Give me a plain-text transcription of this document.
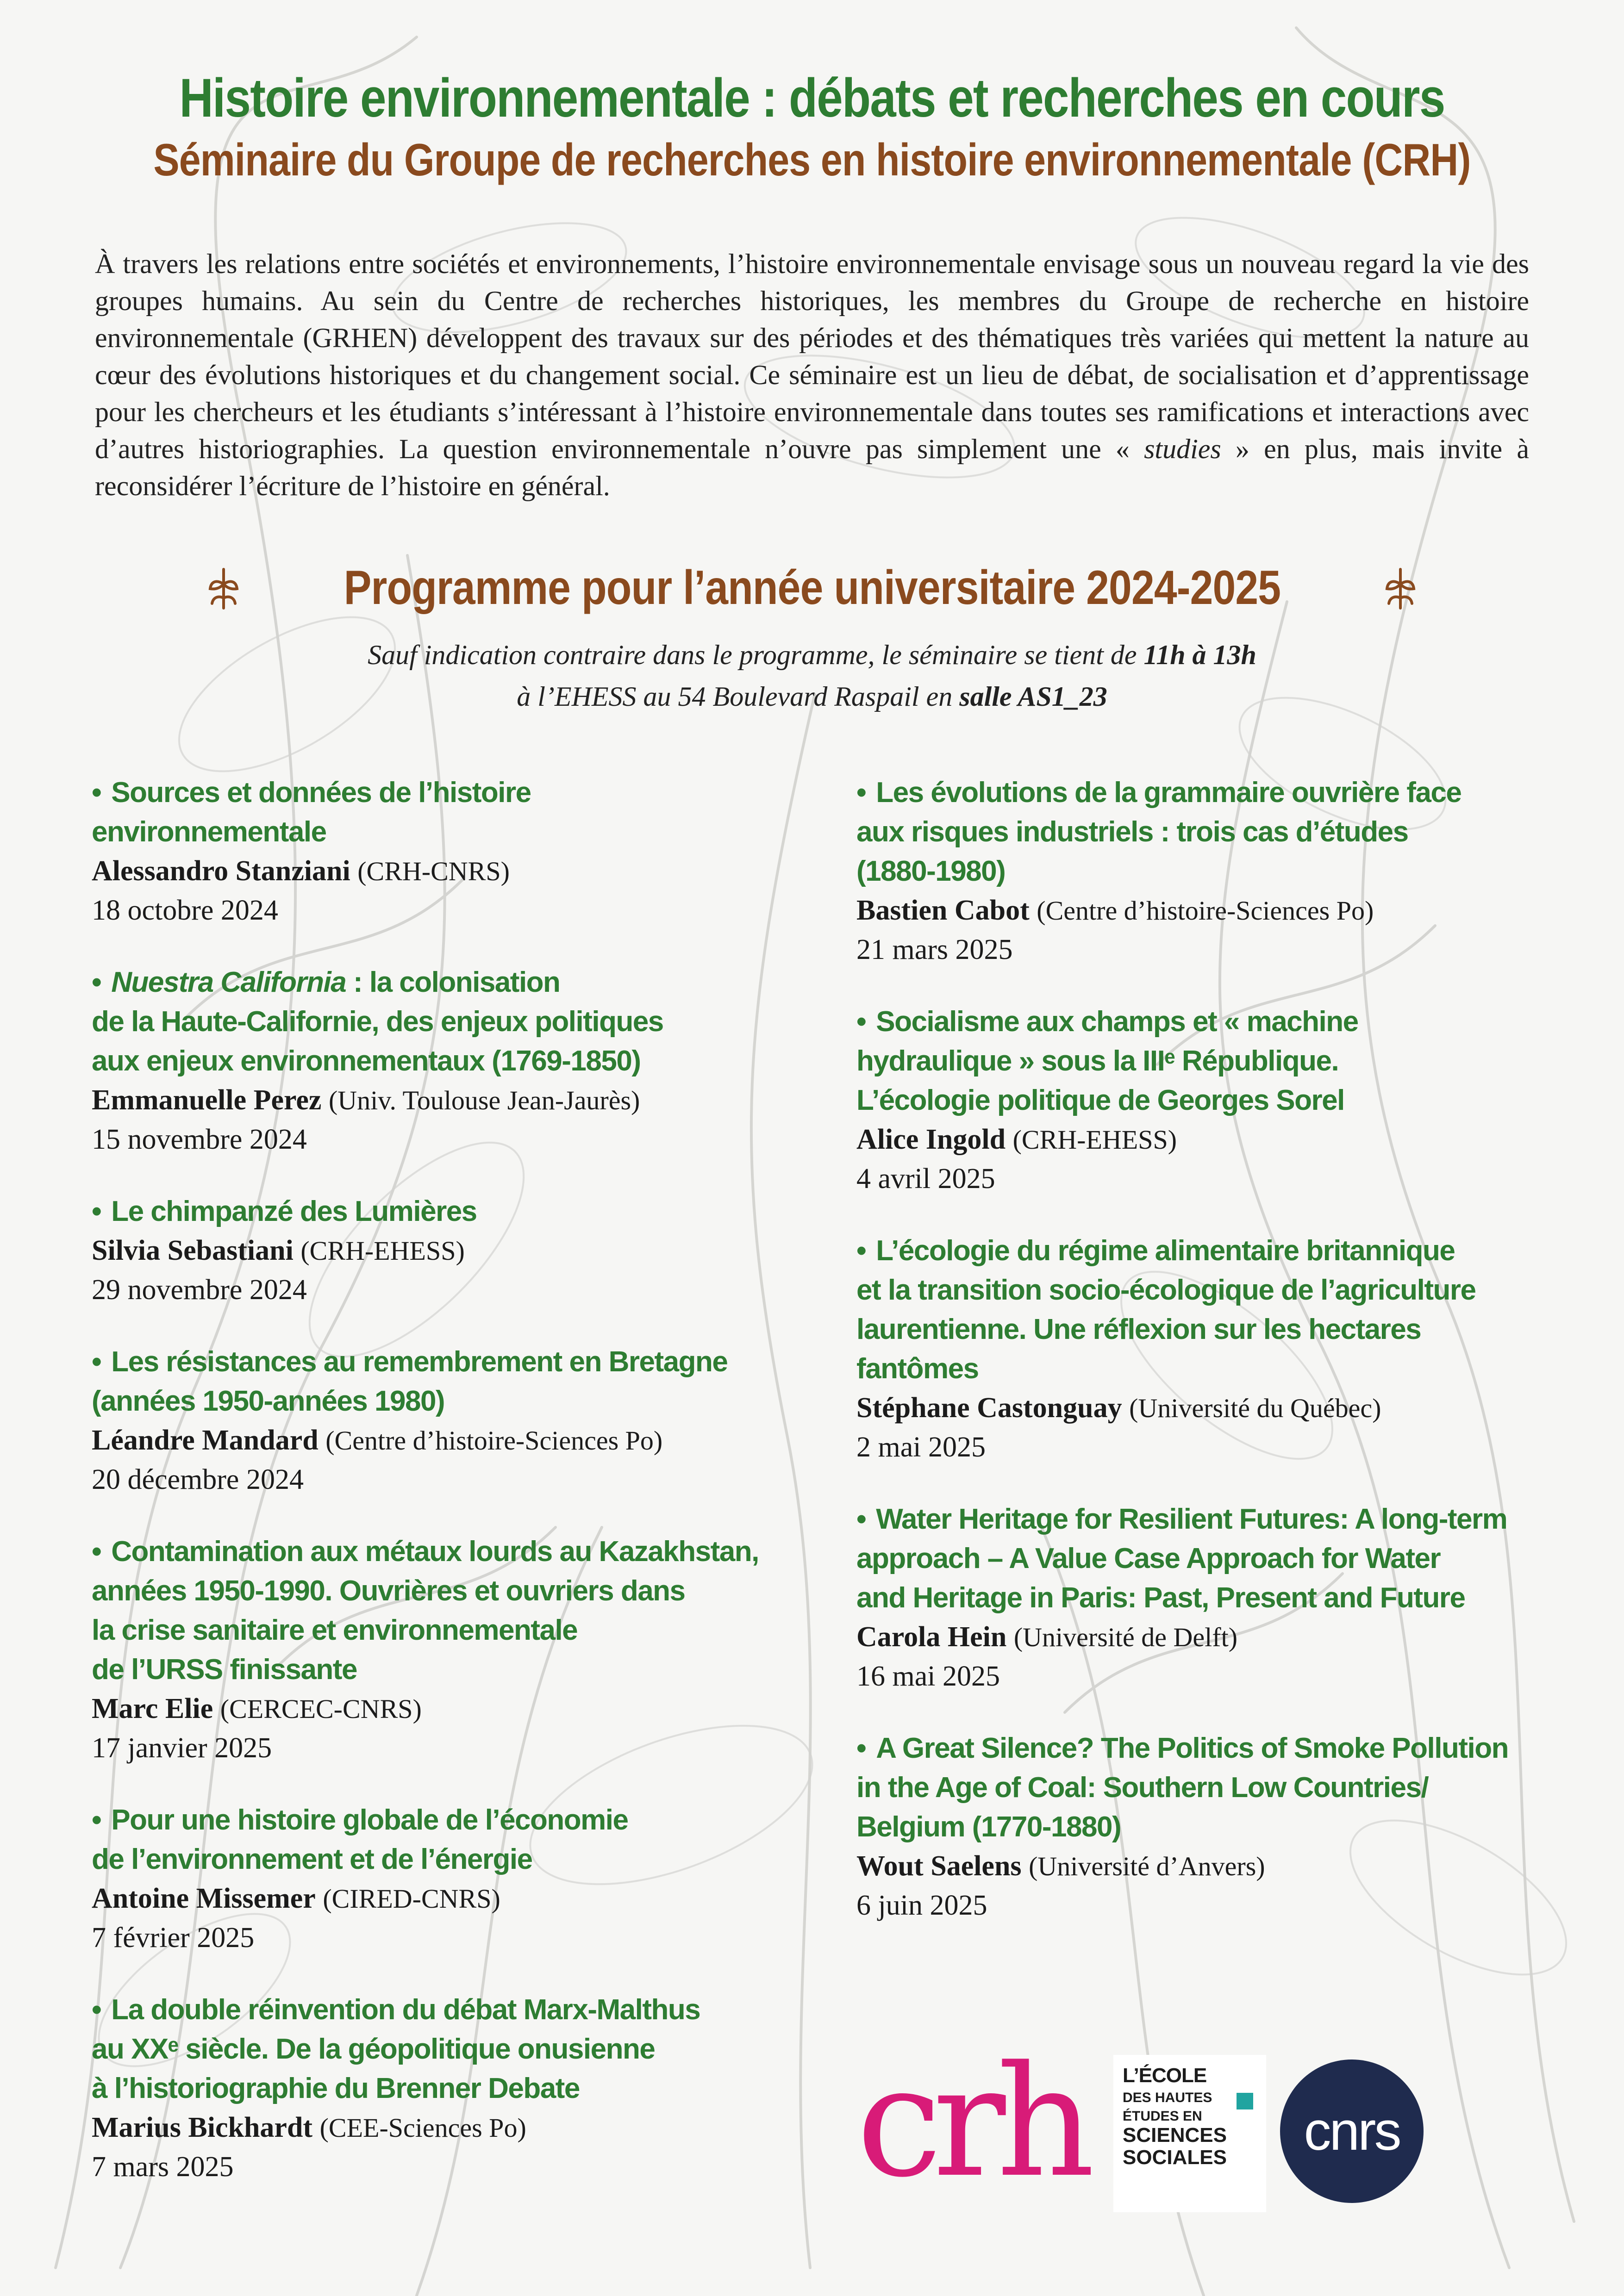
Histoire environnementale : débats et recherches en cours
Séminaire du Groupe de recherches en histoire environnementale (CRH)

À travers les relations entre sociétés et environnements, l’histoire environnementale envisage sous un nouveau regard la vie des groupes humains. Au sein du Centre de recherches historiques, les membres du Groupe de recherche en histoire environnementale (GRHEN) développent des travaux sur des périodes et des thématiques très variées qui mettent la nature au cœur des évolutions historiques et du changement social. Ce séminaire est un lieu de débat, de socialisation et d’apprentissage pour les chercheurs et les étudiants s’intéressant à l’histoire environnementale dans toutes ses ramifications et interactions avec d’autres historiographies. La question environnementale n’ouvre pas simplement une « studies » en plus, mais invite à reconsidérer l’écriture de l’histoire en général.

Programme pour l’année universitaire 2024-2025
Sauf indication contraire dans le programme, le séminaire se tient de 11h à 13h
à l’EHESS au 54 Boulevard Raspail en salle AS1_23
• Sources et données de l’histoire
environnementale
Alessandro Stanziani (CRH-CNRS)
18 octobre 2024
• Nuestra California : la colonisation
de la Haute-Californie, des enjeux politiques
aux enjeux environnementaux (1769-1850)
Emmanuelle Perez (Univ. Toulouse Jean-Jaurès)
15 novembre 2024
• Le chimpanzé des Lumières
Silvia Sebastiani (CRH-EHESS)
29 novembre 2024
• Les résistances au remembrement en Bretagne
(années 1950-années 1980)
Léandre Mandard (Centre d’histoire-Sciences Po)
20 décembre 2024
• Contamination aux métaux lourds au Kazakhstan,
années 1950-1990. Ouvrières et ouvriers dans
la crise sanitaire et environnementale
de l’URSS finissante
Marc Elie (CERCEC-CNRS)
17 janvier 2025
• Pour une histoire globale de l’économie
de l’environnement et de l’énergie
Antoine Missemer (CIRED-CNRS)
7 février 2025
• La double réinvention du débat Marx-Malthus
au XXᵉ siècle. De la géopolitique onusienne
à l’historiographie du Brenner Debate
Marius Bickhardt (CEE-Sciences Po)
7 mars 2025
• Les évolutions de la grammaire ouvrière face
aux risques industriels : trois cas d’études
(1880-1980)
Bastien Cabot (Centre d’histoire-Sciences Po)
21 mars 2025
• Socialisme aux champs et « machine
hydraulique » sous la IIIᵉ République.
L’écologie politique de Georges Sorel
Alice Ingold (CRH-EHESS)
4 avril 2025
• L’écologie du régime alimentaire britannique
et la transition socio-écologique de l’agriculture
laurentienne. Une réflexion sur les hectares
fantômes
Stéphane Castonguay (Université du Québec)
2 mai 2025
• Water Heritage for Resilient Futures: A long-term
approach – A Value Case Approach for Water
and Heritage in Paris: Past, Present and Future
Carola Hein (Université de Delft)
16 mai 2025
• A Great Silence? The Politics of Smoke Pollution
in the Age of Coal: Southern Low Countries/
Belgium (1770-1880)
Wout Saelens (Université d’Anvers)
6 juin 2025
crh L’ÉCOLE
DES HAUTES
ÉTUDES EN
SCIENCES
SOCIALES	cnrs
